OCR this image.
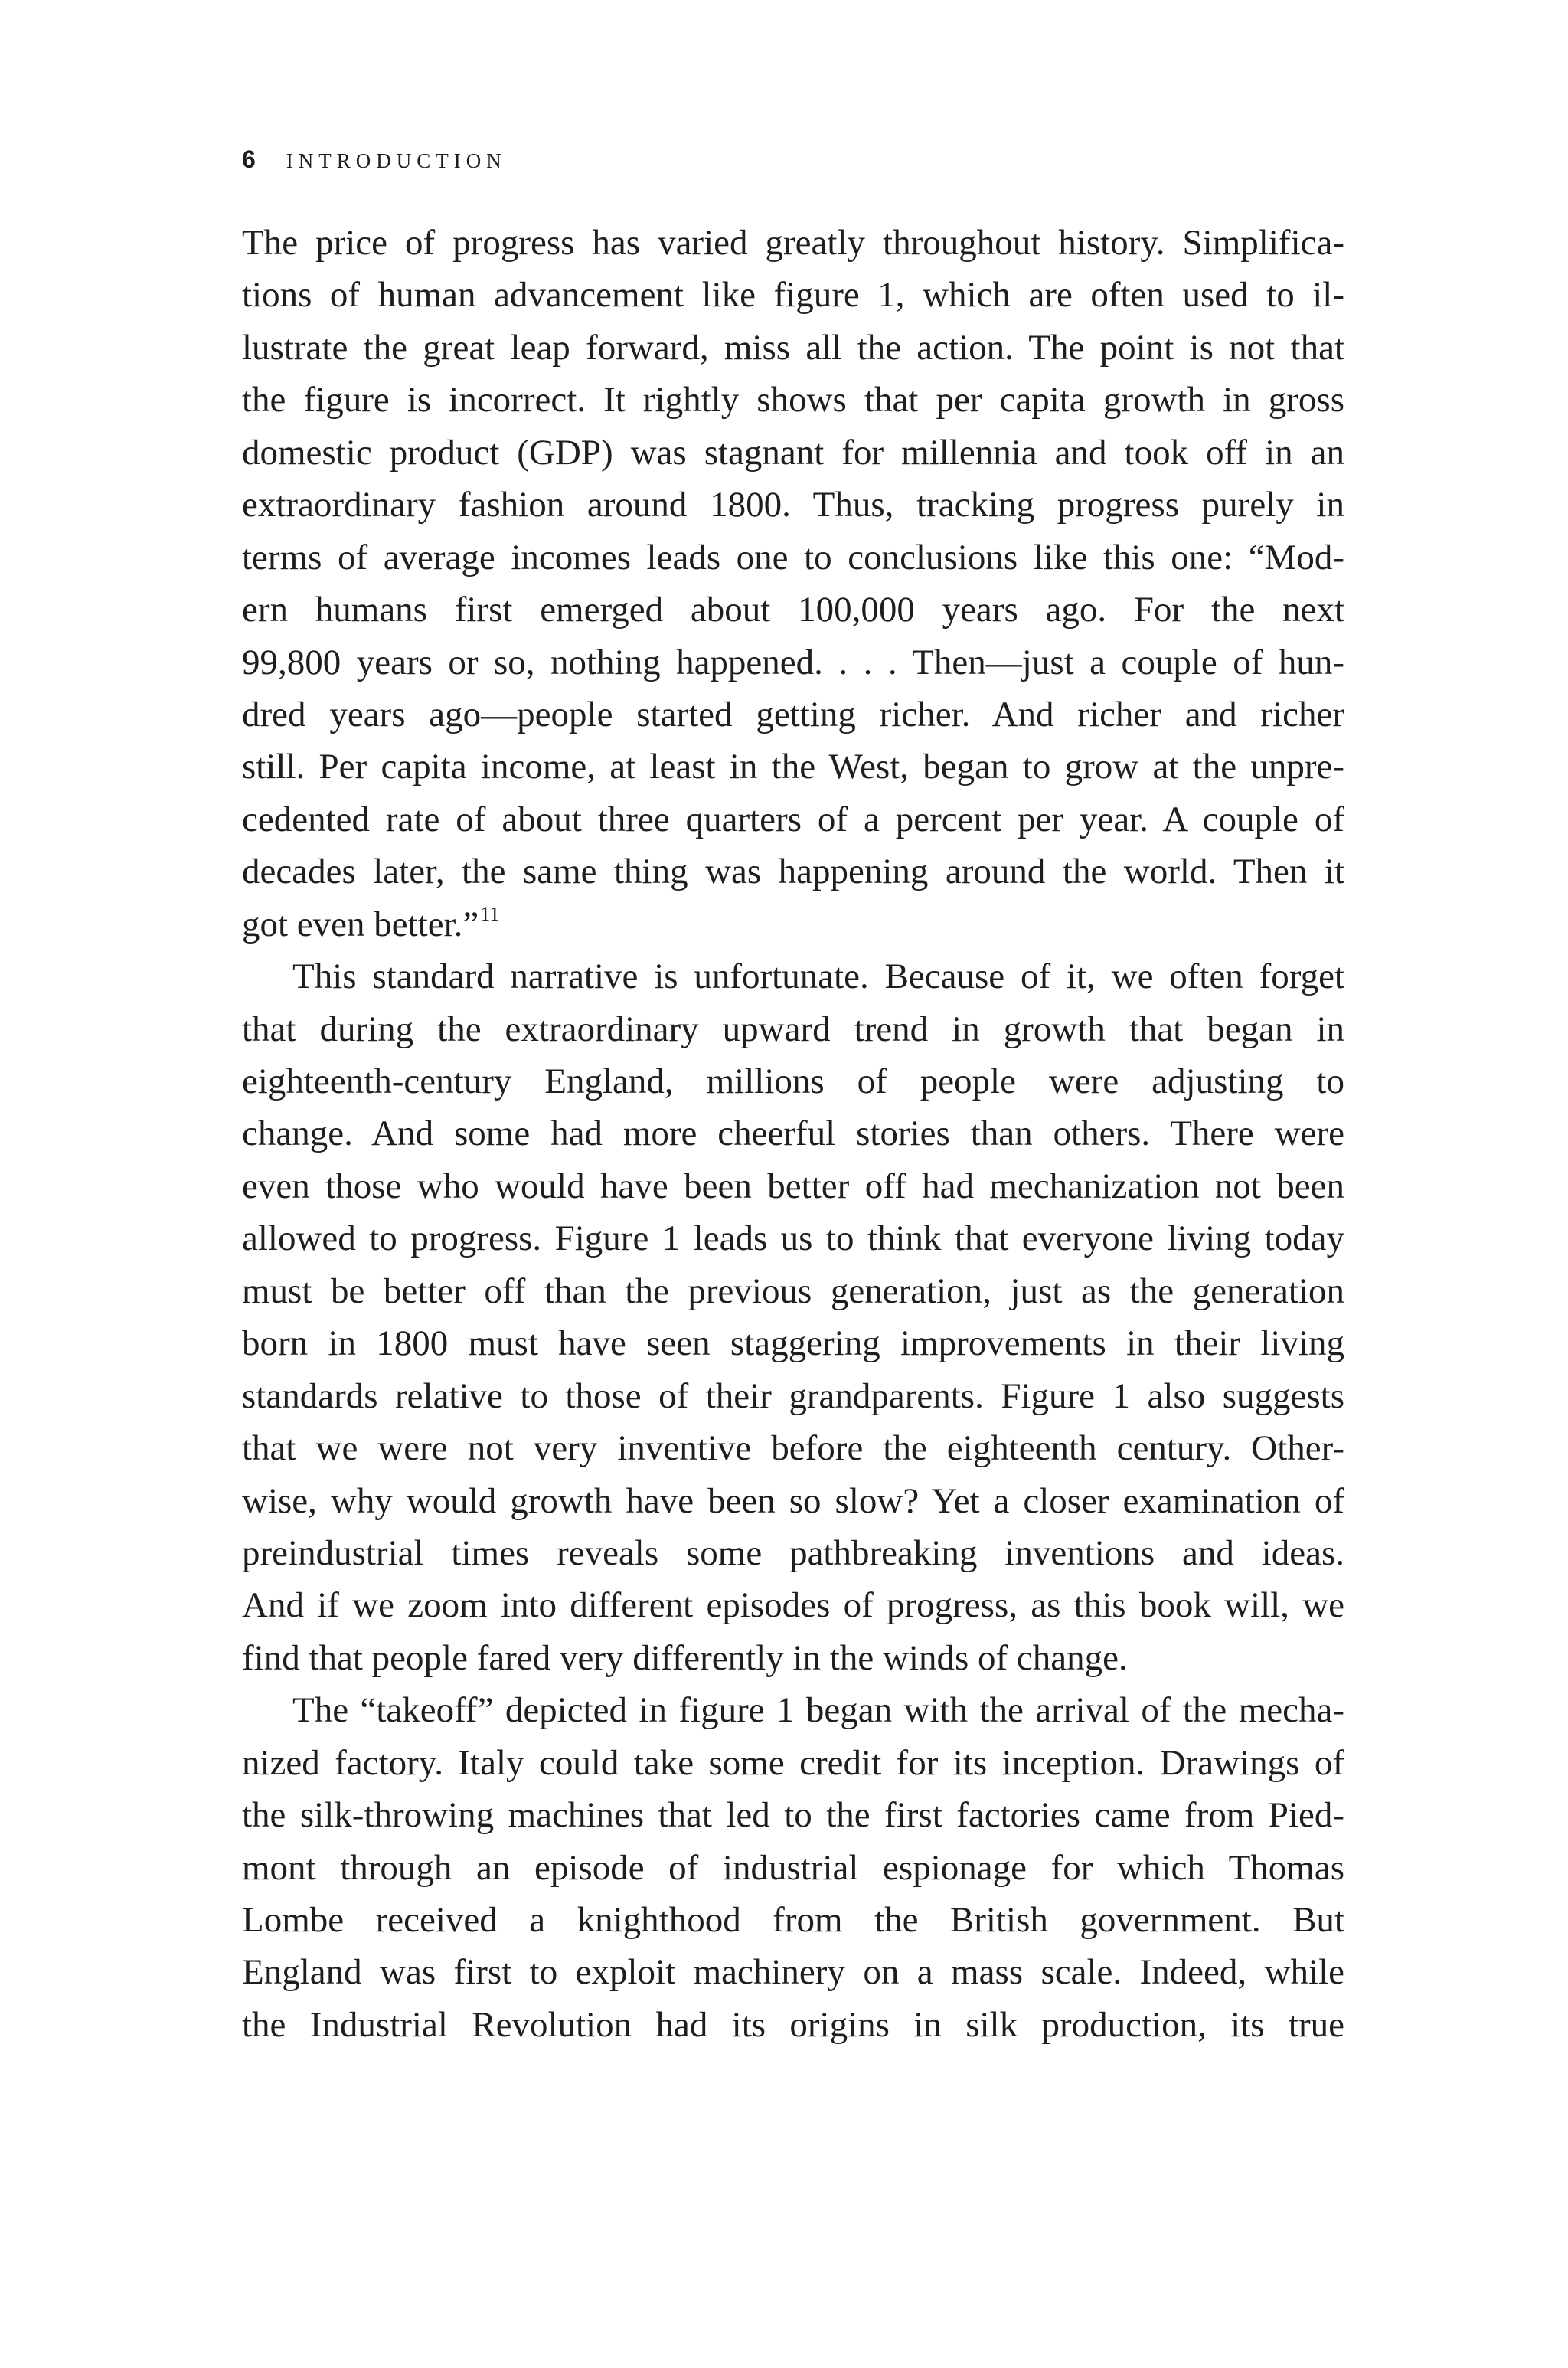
6 INTRODUCTION
The price of progress has varied greatly throughout history. Simplifica-
tions of human advancement like figure 1, which are often used to il-
lustrate the great leap forward, miss all the action. The point is not that
the figure is incorrect. It rightly shows that per capita growth in gross
domestic product (GDP) was stagnant for millennia and took off in an
extraordinary fashion around 1800. Thus, tracking progress purely in
terms of average incomes leads one to conclusions like this one: “Mod-
ern humans first emerged about 100,000 years ago. For the next
99,800 years or so, nothing happened. . . . Then—just a couple of hun-
dred years ago—people started getting richer. And richer and richer
still. Per capita income, at least in the West, began to grow at the unpre-
cedented rate of about three quarters of a percent per year. A couple of
decades later, the same thing was happening around the world. Then it
got even better.”$^{11}$
This standard narrative is unfortunate. Because of it, we often forget
that during the extraordinary upward trend in growth that began in
eighteenth-century England, millions of people were adjusting to
change. And some had more cheerful stories than others. There were
even those who would have been better off had mechanization not been
allowed to progress. Figure 1 leads us to think that everyone living today
must be better off than the previous generation, just as the generation
born in 1800 must have seen staggering improvements in their living
standards relative to those of their grandparents. Figure 1 also suggests
that we were not very inventive before the eighteenth century. Other-
wise, why would growth have been so slow? Yet a closer examination of
preindustrial times reveals some pathbreaking inventions and ideas.
And if we zoom into different episodes of progress, as this book will, we
find that people fared very differently in the winds of change.
The “takeoff” depicted in figure 1 began with the arrival of the mecha-
nized factory. Italy could take some credit for its inception. Drawings of
the silk-throwing machines that led to the first factories came from Pied-
mont through an episode of industrial espionage for which Thomas
Lombe received a knighthood from the British government. But
England was first to exploit machinery on a mass scale. Indeed, while
the Industrial Revolution had its origins in silk production, its true
